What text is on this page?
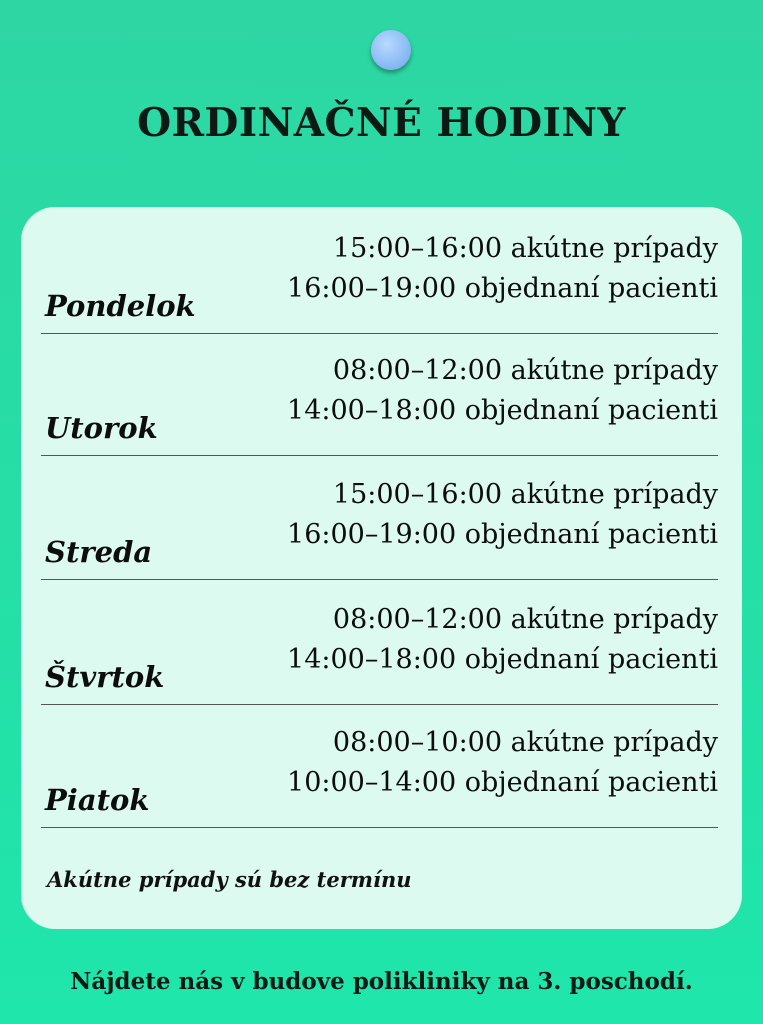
ORDINAČNÉ HODINY
Pondelok
15:00–16:00 akútne prípady
16:00–19:00 objednaní pacienti
Utorok
08:00–12:00 akútne prípady
14:00–18:00 objednaní pacienti
Streda
15:00–16:00 akútne prípady
16:00–19:00 objednaní pacienti
Štvrtok
08:00–12:00 akútne prípady
14:00–18:00 objednaní pacienti
Piatok
08:00–10:00 akútne prípady
10:00–14:00 objednaní pacienti
Akútne prípady sú bez termínu
Nájdete nás v budove polikliniky na 3. poschodí.
